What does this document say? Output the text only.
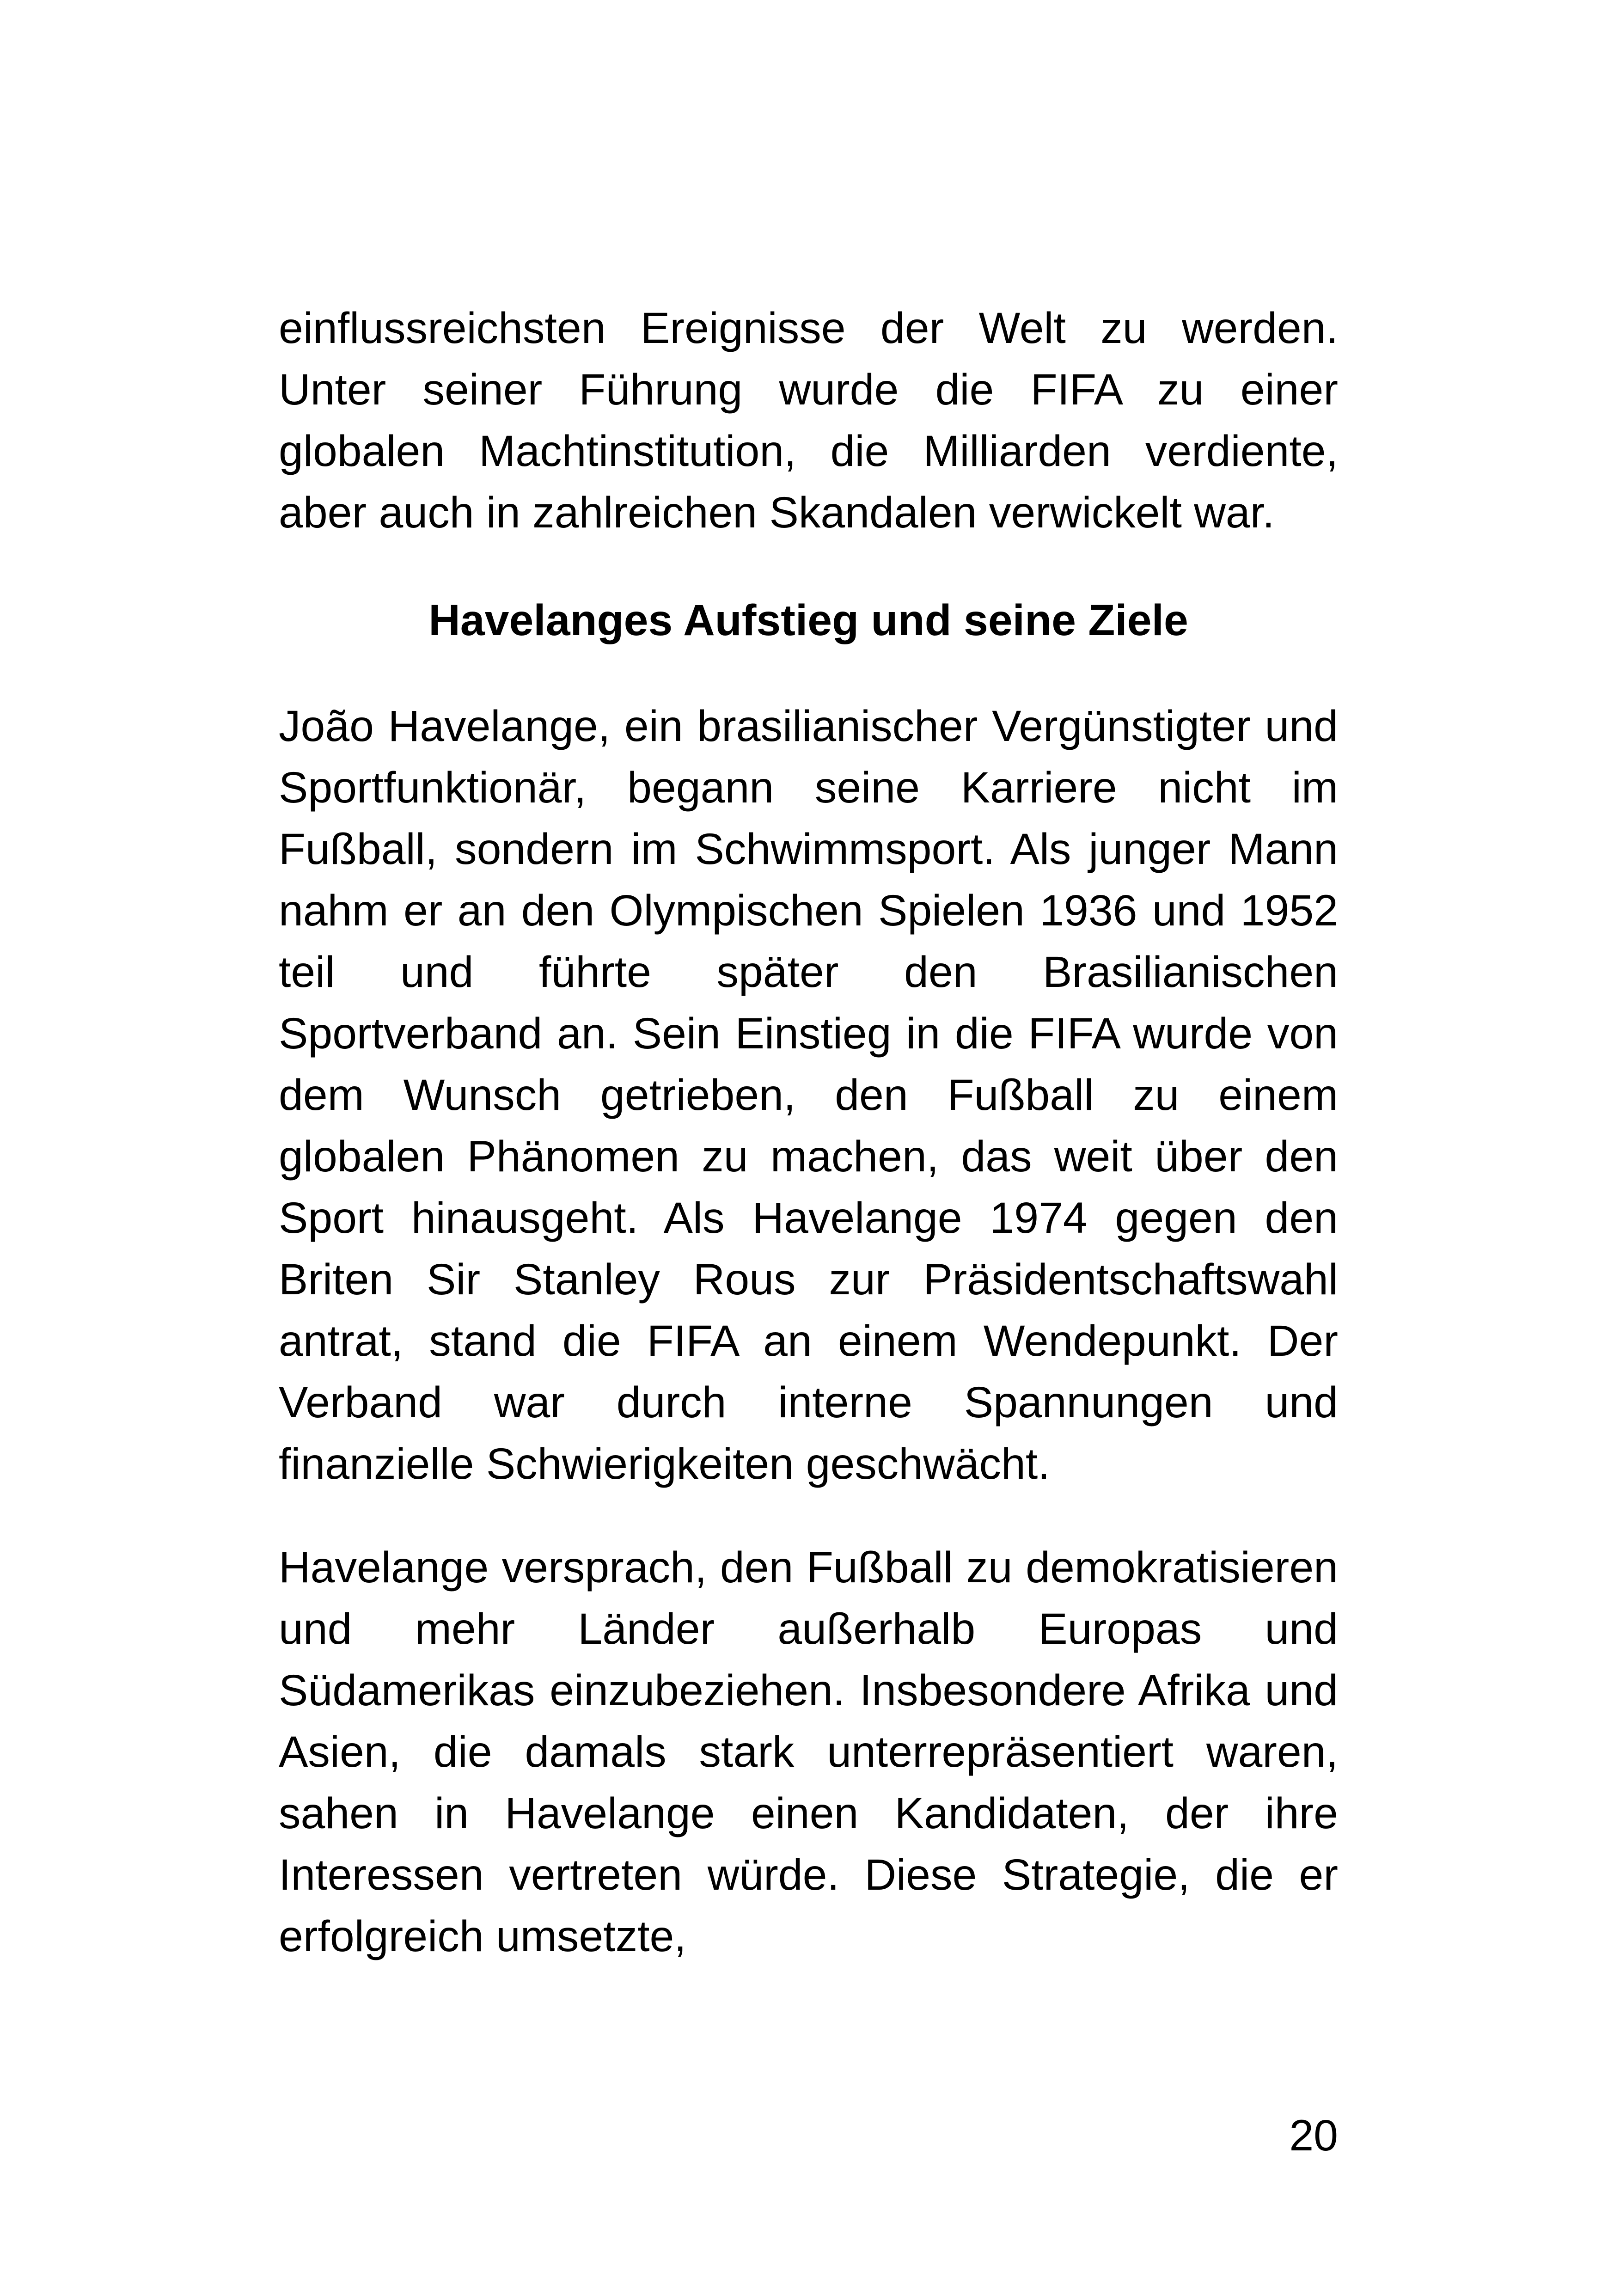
einflussreichsten Ereignisse der Welt zu werden. Unter seiner Führung wurde die FIFA zu einer globalen Machtinstitution, die Milliarden verdiente, aber auch in zahlreichen Skandalen verwickelt war.

Havelanges Aufstieg und seine Ziele

João Havelange, ein brasilianischer Vergünstigter und Sportfunktionär, begann seine Karriere nicht im Fußball, sondern im Schwimmsport. Als junger Mann nahm er an den Olympischen Spielen 1936 und 1952 teil und führte später den Brasilianischen Sportverband an. Sein Einstieg in die FIFA wurde von dem Wunsch getrieben, den Fußball zu einem globalen Phänomen zu machen, das weit über den Sport hinausgeht. Als Havelange 1974 gegen den Briten Sir Stanley Rous zur Präsidentschaftswahl antrat, stand die FIFA an einem Wendepunkt. Der Verband war durch interne Spannungen und finanzielle Schwierigkeiten geschwächt.

Havelange versprach, den Fußball zu demokratisieren und mehr Länder außerhalb Europas und Südamerikas einzubeziehen. Insbesondere Afrika und Asien, die damals stark unterrepräsentiert waren, sahen in Havelange einen Kandidaten, der ihre Interessen vertreten würde. Diese Strategie, die er erfolgreich umsetzte,

20
